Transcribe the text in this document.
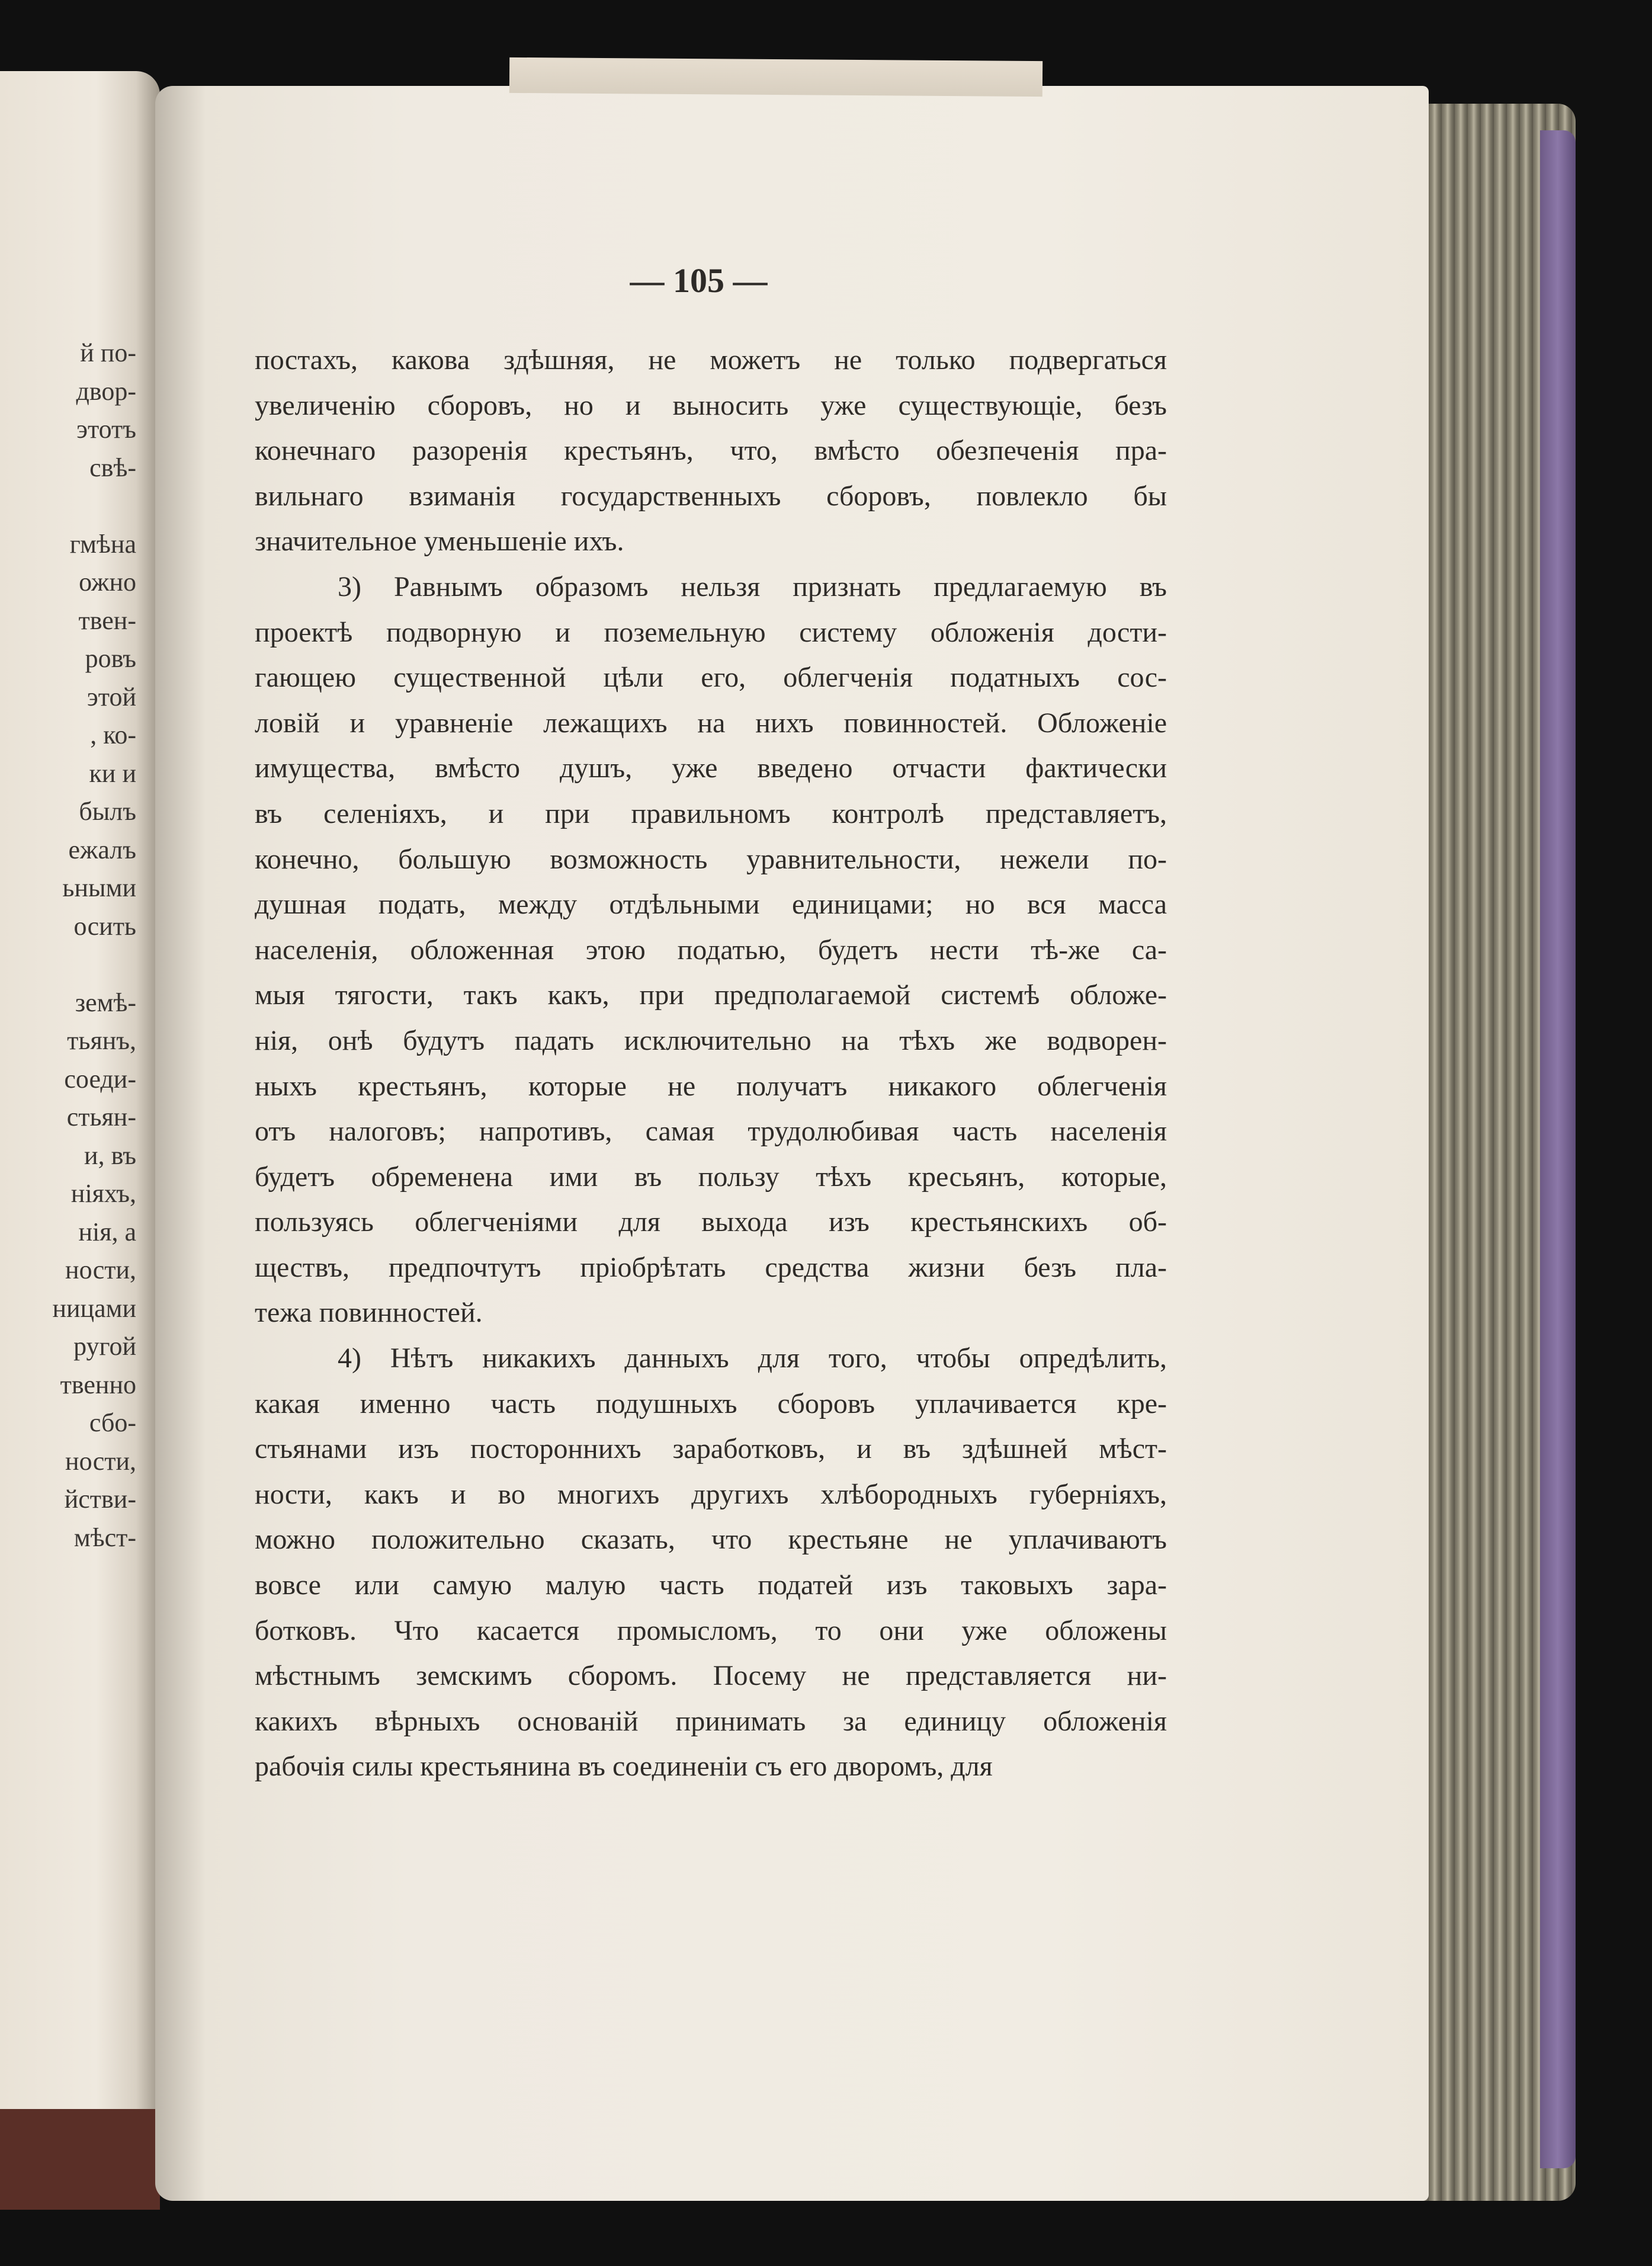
й по-
двор-
этотъ
свѣ-
гмѣна
ожно
твен-
ровъ
этой
, ко-
ки и
былъ
ежалъ
ьными
осить
земѣ-
тьянъ,
соеди-
стьян-
и, въ
ніяхъ,
нія, а
ности,
ницами
ругой
твенно
сбо-
ности,
йстви-
мѣст-
— 105 —
постахъ, какова здѣшняя, не можетъ не только подвергаться
увеличенію сборовъ, но и выносить уже существующіе, безъ
конечнаго разоренія крестьянъ, что, вмѣсто обезпеченія пра-
вильнаго взиманія государственныхъ сборовъ, повлекло бы
значительное уменьшеніе ихъ.
3) Равнымъ образомъ нельзя признать предлагаемую въ
проектѣ подворную и поземельную систему обложенія дости-
гающею существенной цѣли его, облегченія податныхъ сос-
ловій и уравненіе лежащихъ на нихъ повинностей. Обложеніе
имущества, вмѣсто душъ, уже введено отчасти фактически
въ селеніяхъ, и при правильномъ контролѣ представляетъ,
конечно, большую возможность уравнительности, нежели по-
душная подать, между отдѣльными единицами; но вся масса
населенія, обложенная этою податью, будетъ нести тѣ-же са-
мыя тягости, такъ какъ, при предполагаемой системѣ обложе-
нія, онѣ будутъ падать исключительно на тѣхъ же водворен-
ныхъ крестьянъ, которые не получатъ никакого облегченія
отъ налоговъ; напротивъ, самая трудолюбивая часть населенія
будетъ обременена ими въ пользу тѣхъ кресьянъ, которые,
пользуясь облегченіями для выхода изъ крестьянскихъ об-
ществъ, предпочтутъ пріобрѣтать средства жизни безъ пла-
тежа повинностей.
4) Нѣтъ никакихъ данныхъ для того, чтобы опредѣлить,
какая именно часть подушныхъ сборовъ уплачивается кре-
стьянами изъ постороннихъ заработковъ, и въ здѣшней мѣст-
ности, какъ и во многихъ другихъ хлѣбородныхъ губерніяхъ,
можно положительно сказать, что крестьяне не уплачиваютъ
вовсе или самую малую часть податей изъ таковыхъ зара-
ботковъ. Что касается промысломъ, то они уже обложены
мѣстнымъ земскимъ сборомъ. Посему не представляется ни-
какихъ вѣрныхъ основаній принимать за единицу обложенія
рабочія силы крестьянина въ соединеніи съ его дворомъ, для
